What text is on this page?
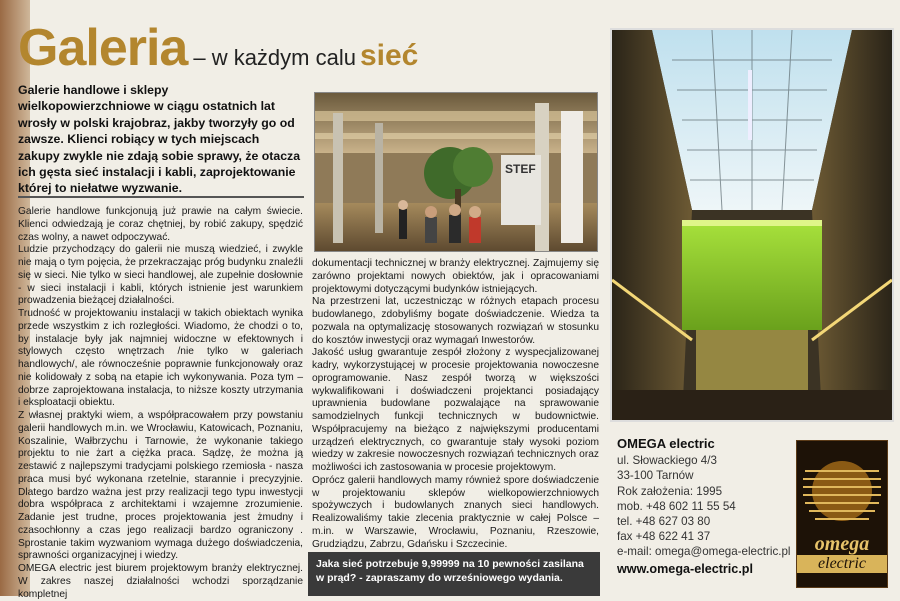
Galeria – w każdym calu sieć
Galerie handlowe i sklepy wielkopowierzchniowe w ciągu ostatnich lat wrosły w polski krajobraz, jakby tworzyły go od zawsze. Klienci robiący w tych miejscach zakupy zwykle nie zdają sobie sprawy, że otacza ich gęsta sieć instalacji i kabli, zaprojektowanie której to niełatwe wyzwanie.

Galerie handlowe funkcjonują już prawie na całym świecie. Klienci odwiedzają je coraz chętniej, by robić zakupy, spędzić czas wolny, a nawet odpoczywać.

Ludzie przychodzący do galerii nie muszą wiedzieć, i zwykle nie mają o tym pojęcia, że przekraczając próg budynku znaleźli się w sieci. Nie tylko w sieci handlowej, ale zupełnie dosłownie - w sieci instalacji i kabli, których istnienie jest warunkiem prowadzenia bieżącej działalności.

Trudność w projektowaniu instalacji w takich obiektach wynika przede wszystkim z ich rozległości. Wiadomo, że chodzi o to, by instalacje były jak najmniej widoczne w efektownych i stylowych często wnętrzach /nie tylko w galeriach handlowych/, ale równocześnie poprawnie funkcjonowały oraz nie kolidowały z sobą na etapie ich wykonywania. Poza tym – dobrze zaprojektowana instalacja, to niższe koszty utrzymania i eksploatacji obiektu.

Z własnej praktyki wiem, a współpracowałem przy powstaniu galerii handlowych m.in. we Wrocławiu, Katowicach, Poznaniu, Koszalinie, Wałbrzychu i Tarnowie, że wykonanie takiego projektu to nie żart a ciężka praca. Sądzę, że można ją zestawić z najlepszymi tradycjami polskiego rzemiosła - nasza praca musi być wykonana rzetelnie, starannie i precyzyjnie. Dlatego bardzo ważna jest przy realizacji tego typu inwestycji dobra współpraca z architektami i wzajemne zrozumienie. Zadanie jest trudne, proces projektowania jest żmudny i czasochłonny a czas jego realizacji bardzo ograniczony . Sprostanie takim wyzwaniom wymaga dużego doświadczenia, sprawności organizacyjnej i wiedzy.

OMEGA electric jest biurem projektowym branży elektrycznej. W zakres naszej działalności wchodzi sporządzanie kompletnej

STEF

dokumentacji technicznej w branży elektrycznej. Zajmujemy się zarówno projektami nowych obiektów, jak i opracowaniami projektowymi dotyczącymi budynków istniejących.

Na przestrzeni lat, uczestnicząc w różnych etapach procesu budowlanego, zdobyliśmy bogate doświadczenie. Wiedza ta pozwala na optymalizację stosowanych rozwiązań w stosunku do kosztów inwestycji oraz wymagań Inwestorów.

Jakość usług gwarantuje zespół złożony z wyspecjalizowanej kadry, wykorzystującej w procesie projektowania nowoczesne oprogramowanie. Nasz zespół tworzą w większości wykwalifikowani i doświadczeni projektanci posiadający uprawnienia budowlane pozwalające na sprawowanie samodzielnych funkcji technicznych w budownictwie. Współpracujemy na bieżąco z największymi producentami urządzeń elektrycznych, co gwarantuje stały wysoki poziom wiedzy w zakresie nowoczesnych rozwiązań technicznych oraz możliwości ich zastosowania w procesie projektowym.

Oprócz galerii handlowych mamy również spore doświadczenie w projektowaniu sklepów wielkopowierzchniowych spożywczych i budowlanych znanych sieci handlowych. Realizowaliśmy takie zlecenia praktycznie w całej Polsce – m.in. w Warszawie, Wrocławiu, Poznaniu, Rzeszowie, Grudziądzu, Zabrzu, Gdańsku i Szczecinie.

Jaka sieć potrzebuje 9,99999 na 10 pewności zasilana w prąd? - zapraszamy do wrześniowego wydania.
OMEGA electric
ul. Słowackiego 4/3
33-100 Tarnów
Rok założenia: 1995
mob. +48 602 11 55 54
tel. +48 627 03 80
fax +48 622 41 37
e-mail: omega@omega-electric.pl
www.omega-electric.pl
omega
electric
